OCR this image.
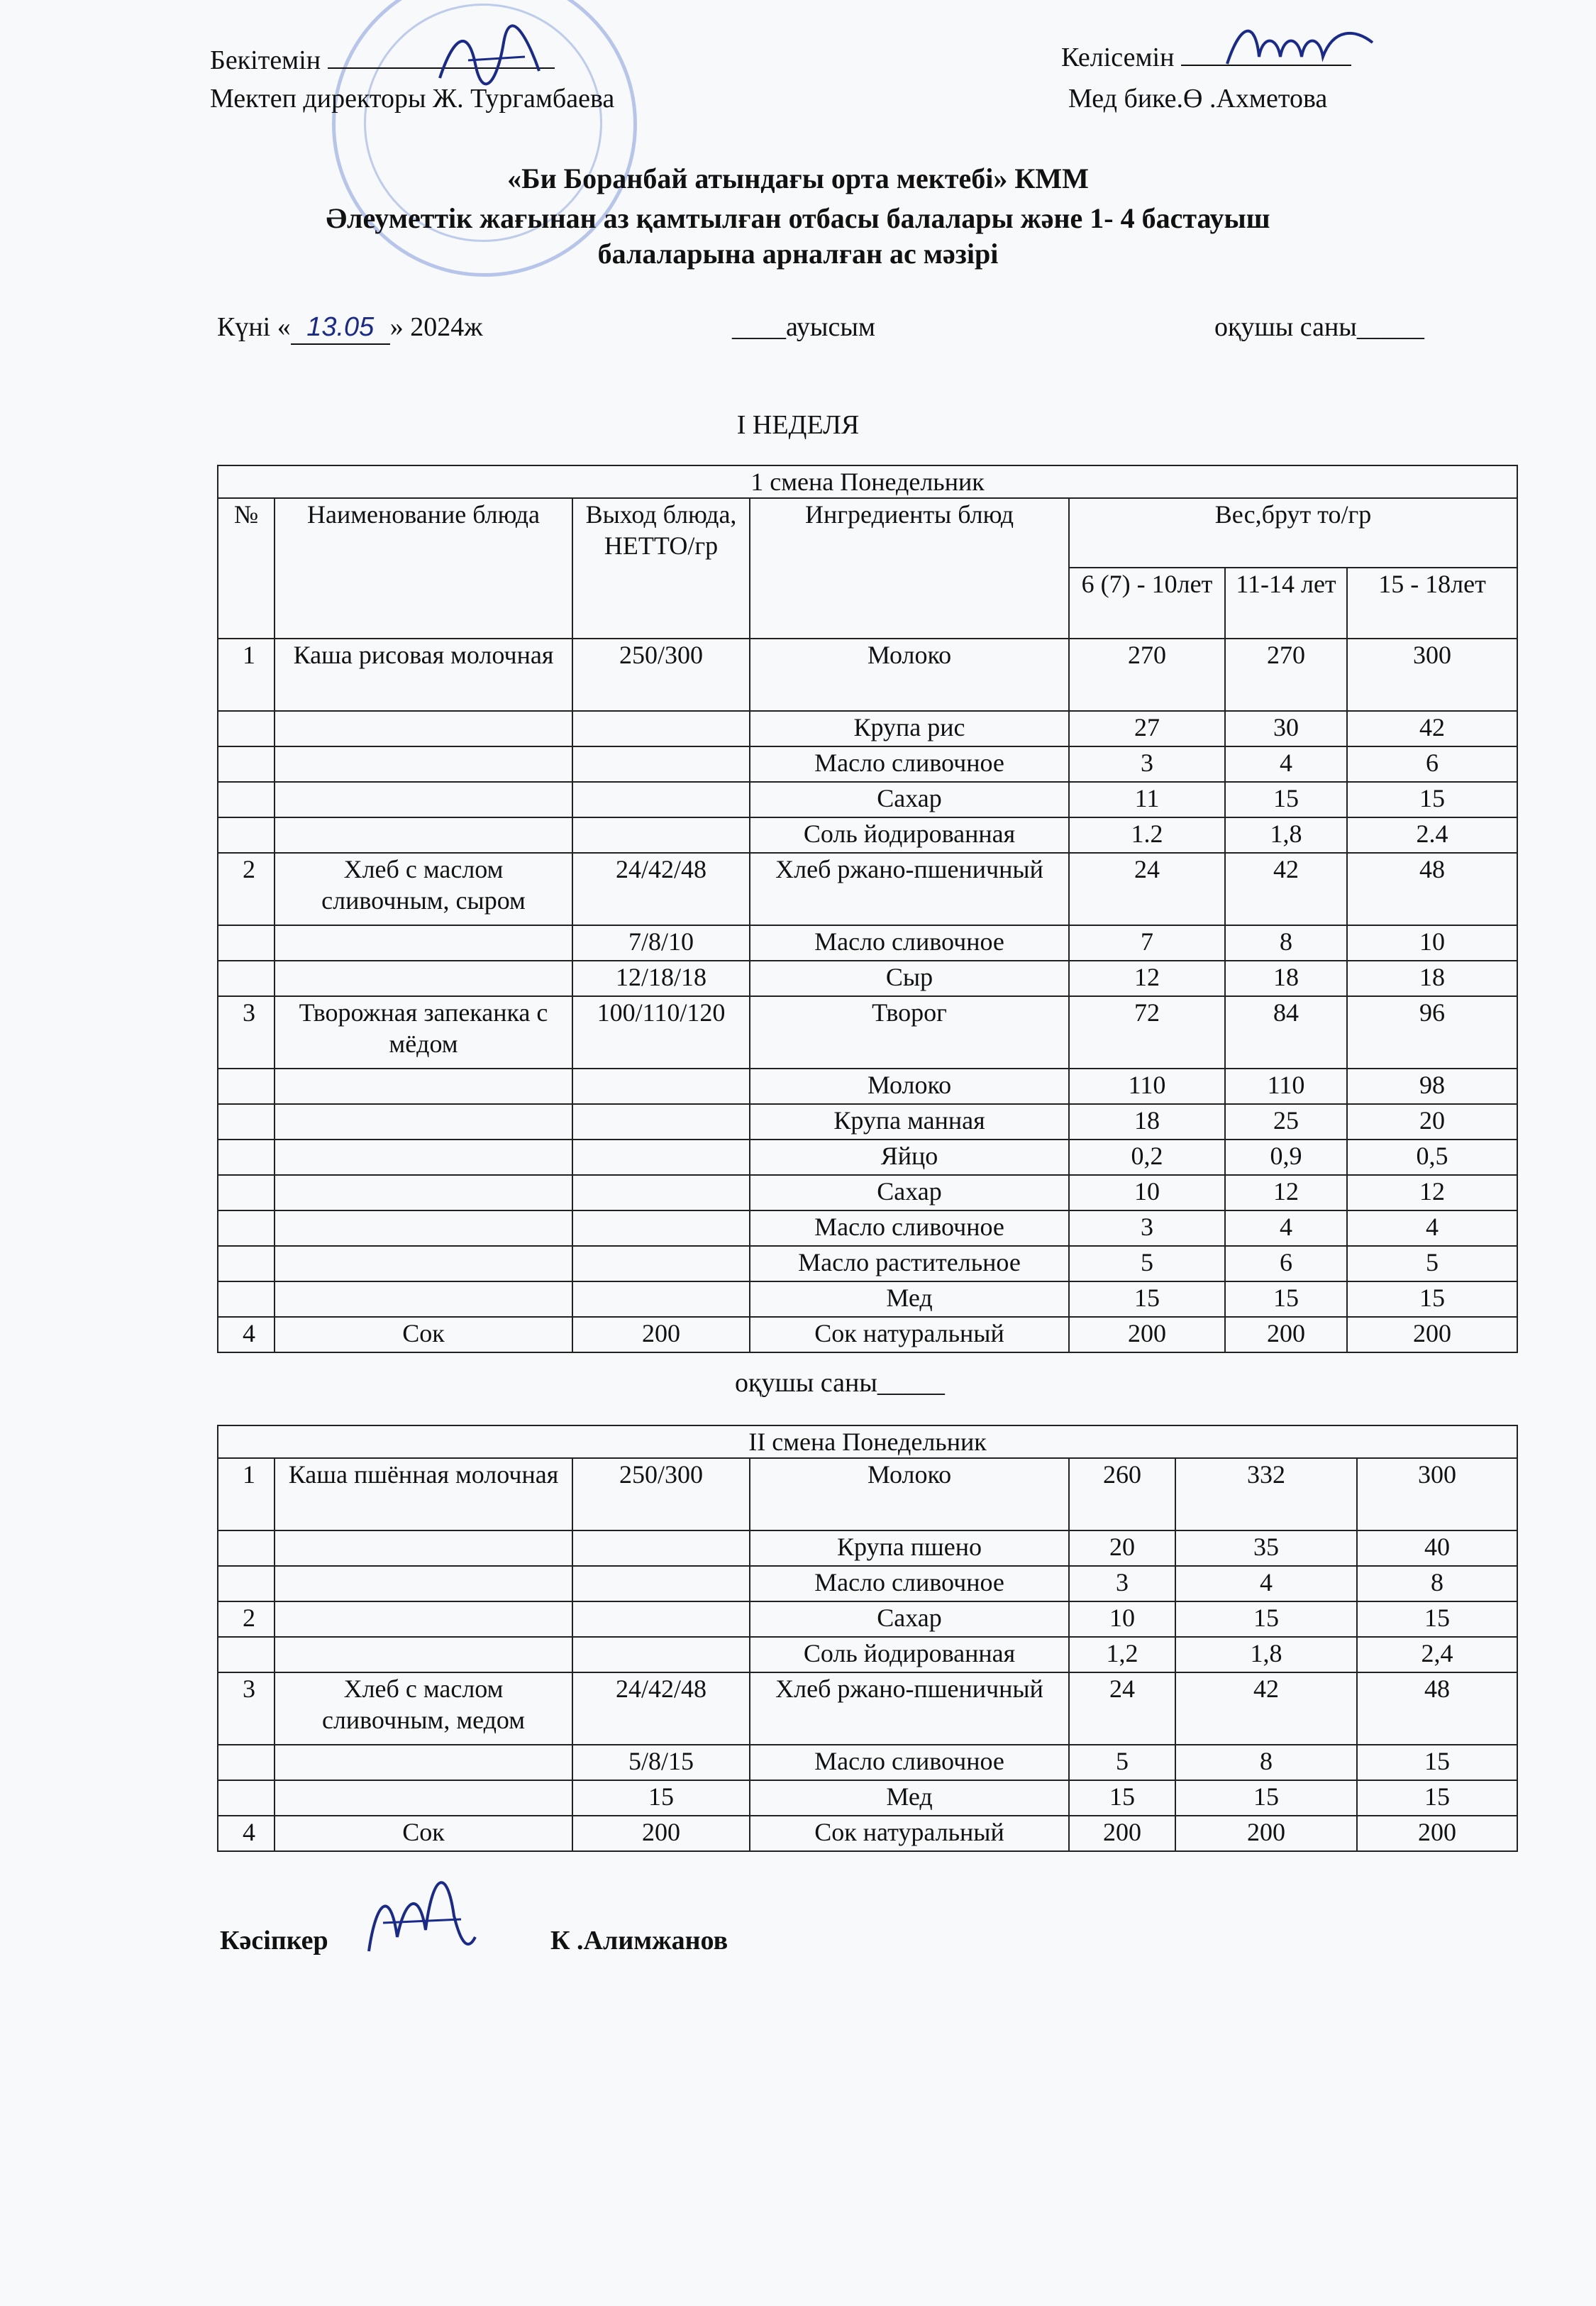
Бекітемін
Мектеп директоры Ж. Тургамбаева
Келісемін
Мед бике.Ө .Ахметова
«Би Боранбай атындағы орта мектебі» КММ
Әлеуметтік жағынан аз қамтылған отбасы балалары және 1- 4 бастауыш
балаларына арналған ас мәзірі
Күні « 13.05 » 2024ж	____ауысым	оқушы саны_____
I НЕДЕЛЯ
1 смена Понедельник						
№	Наименование блюда	Выход блюда, НЕТТО/гр	Ингредиенты блюд	Вес,брут то/гр		
				6 (7) - 10лет	11-14 лет	15 - 18лет
1	Каша рисовая молочная	250/300	Молоко	270	270	300
			Крупа рис	27	30	42
			Масло сливочное	3	4	6
			Сахар	11	15	15
			Соль йодированная	1.2	1,8	2.4
2	Хлеб с маслом сливочным, сыром	24/42/48	Хлеб ржано-пшеничный	24	42	48
		7/8/10	Масло сливочное	7	8	10
		12/18/18	Сыр	12	18	18
3	Творожная запеканка с мёдом	100/110/120	Творог	72	84	96
			Молоко	110	110	98
			Крупа манная	18	25	20
			Яйцо	0,2	0,9	0,5
			Сахар	10	12	12
			Масло сливочное	3	4	4
			Масло растительное	5	6	5
			Мед	15	15	15
4	Сок	200	Сок натуральный	200	200	200
оқушы саны_____
II смена Понедельник						
1	Каша пшённая молочная	250/300	Молоко	260	332	300
			Крупа пшено	20	35	40
			Масло сливочное	3	4	8
2			Сахар	10	15	15
			Соль йодированная	1,2	1,8	2,4
3	Хлеб с маслом сливочным, медом	24/42/48	Хлеб ржано-пшеничный	24	42	48
		5/8/15	Масло сливочное	5	8	15
		15	Мед	15	15	15
4	Сок	200	Сок натуральный	200	200	200
Кәсіпкер	К .Алимжанов
